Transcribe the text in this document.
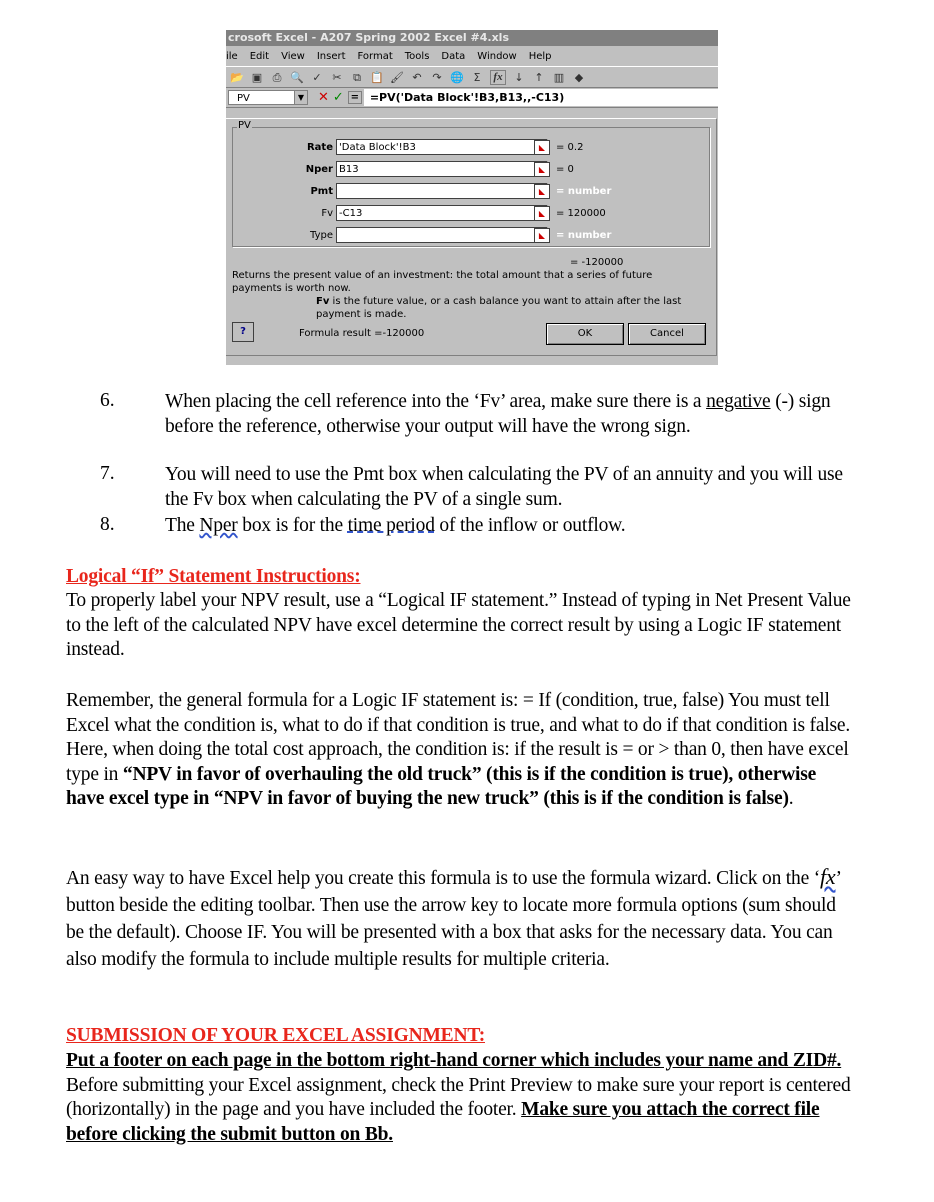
crosoft Excel - A207 Spring 2002 Excel #4.xls
ile Edit View Insert Format Tools Data Window Help
📂 ▣ ⎙ 🔍 ✓ ✂ ⧉ 📋 🖌 ↶ ↷ 🌐 Σ	fx	↓ ↑ ▥ ◆
PV	▼	✕ ✓ = =PV('Data Block'!B3,B13,,-C13)
PV
Rate 'Data Block'!B3	◣	= 0.2
Nper B13	◣	= 0
Pmt	◣	= number
Fv -C13	◣	= 120000
Type	◣	= number
= -120000
Returns the present value of an investment: the total amount that a series of future payments is worth now.
Fv is the future value, or a cash balance you want to attain after the last payment is made.
?	Formula result =-120000	OK	Cancel
6.	When placing the cell reference into the ‘Fv’ area, make sure there is a negative (-) sign before the reference, otherwise your output will have the wrong sign.
7.	You will need to use the Pmt box when calculating the PV of an annuity and you will use the Fv box when calculating the PV of a single sum.
8.	The Nper box is for the time period of the inflow or outflow.
Logical “If” Statement Instructions:
To properly label your NPV result, use a “Logical IF statement.” Instead of typing in Net Present Value to the left of the calculated NPV have excel determine the correct result by using a Logic IF statement instead.
Remember, the general formula for a Logic IF statement is: = If (condition, true, false) You must tell Excel what the condition is, what to do if that condition is true, and what to do if that condition is false. Here, when doing the total cost approach, the condition is: if the result is = or > than 0, then have excel type in “NPV in favor of overhauling the old truck” (this is if the condition is true), otherwise have excel type in “NPV in favor of buying the new truck” (this is if the condition is false).
An easy way to have Excel help you create this formula is to use the formula wizard. Click on the ‘fx’ button beside the editing toolbar. Then use the arrow key to locate more formula options (sum should be the default). Choose IF. You will be presented with a box that asks for the necessary data. You can also modify the formula to include multiple results for multiple criteria.
SUBMISSION OF YOUR EXCEL ASSIGNMENT:
Put a footer on each page in the bottom right-hand corner which includes your name and ZID#. Before submitting your Excel assignment, check the Print Preview to make sure your report is centered (horizontally) in the page and you have included the footer. Make sure you attach the correct file before clicking the submit button on Bb.
